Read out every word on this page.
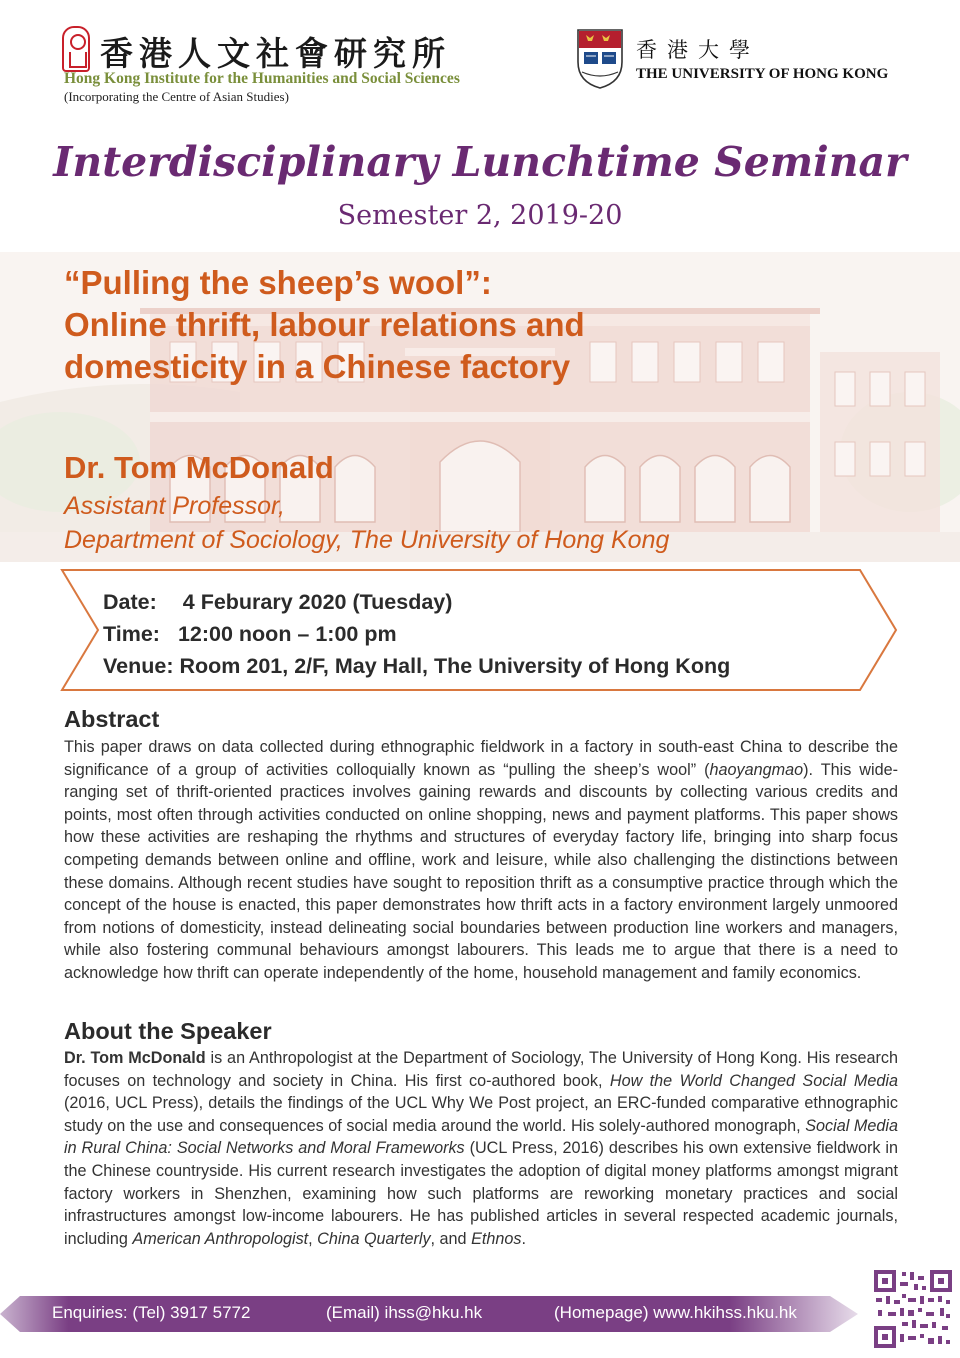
香港人文社會研究所
Hong Kong Institute for the Humanities and Social Sciences
(Incorporating the Centre of Asian Studies)
香港大學
THE UNIVERSITY OF HONG KONG
Interdisciplinary Lunchtime Seminar
Semester 2, 2019-20
“Pulling the sheep’s wool”:
Online thrift, labour relations and
domesticity in a Chinese factory
Dr. Tom McDonald
Assistant Professor,
Department of Sociology, The University of Hong Kong
Date: 4 Feburary 2020 (Tuesday)
Time: 12:00 noon – 1:00 pm
Venue: Room 201, 2/F, May Hall, The University of Hong Kong
Abstract
This paper draws on data collected during ethnographic fieldwork in a factory in south-east China to describe the significance of a group of activities colloquially known as “pulling the sheep’s wool” (haoyangmao). This wide-ranging set of thrift-oriented practices involves gaining rewards and discounts by collecting various credits and points, most often through activities conducted on online shopping, news and payment platforms. This paper shows how these activities are reshaping the rhythms and structures of everyday factory life, bringing into sharp focus competing demands between online and offline, work and leisure, while also challenging the distinctions between these domains. Although recent studies have sought to reposition thrift as a consumptive practice through which the concept of the house is enacted, this paper demonstrates how thrift acts in a factory environment largely unmoored from notions of domesticity, instead delineating social boundaries between production line workers and managers, while also fostering communal behaviours amongst labourers. This leads me to argue that there is a need to acknowledge how thrift can operate independently of the home, household management and family economics.
About the Speaker
Dr. Tom McDonald is an Anthropologist at the Department of Sociology, The University of Hong Kong. His research focuses on technology and society in China. His first co-authored book, How the World Changed Social Media (2016, UCL Press), details the findings of the UCL Why We Post project, an ERC-funded comparative ethnographic study on the use and consequences of social media around the world. His solely-authored monograph, Social Media in Rural China: Social Networks and Moral Frameworks (UCL Press, 2016) describes his own extensive fieldwork in the Chinese countryside. His current research investigates the adoption of digital money platforms amongst migrant factory workers in Shenzhen, examining how such platforms are reworking monetary practices and social infrastructures amongst low-income labourers. He has published articles in several respected academic journals, including American Anthropologist, China Quarterly, and Ethnos.
Enquiries: (Tel) 3917 5772	(Email) ihss@hku.hk	(Homepage) www.hkihss.hku.hk
